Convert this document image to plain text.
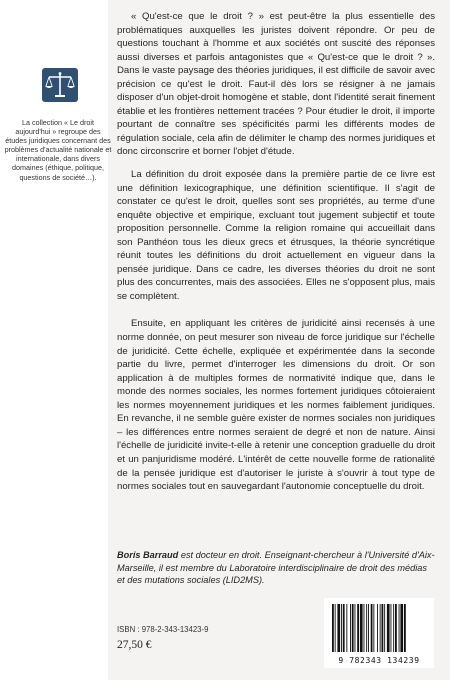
La collection « Le droit aujourd'hui » regroupe des études juridiques concernant des problèmes d'actualité nationale et internationale, dans divers domaines (éthique, politique, questions de société…).

« Qu'est-ce que le droit ? » est peut-être la plus essentielle des problématiques auxquelles les juristes doivent répondre. Or peu de questions touchant à l'homme et aux sociétés ont suscité des réponses aussi diverses et parfois antagonistes que « Qu'est-ce que le droit ? ». Dans le vaste paysage des théories juridiques, il est difficile de savoir avec précision ce qu'est le droit. Faut-il dès lors se résigner à ne jamais disposer d'un objet-droit homogène et stable, dont l'identité serait finement établie et les frontières nettement tracées ? Pour étudier le droit, il importe pourtant de connaître ses spécificités parmi les différents modes de régulation sociale, cela afin de délimiter le champ des normes juridiques et donc circonscrire et borner l'objet d'étude.

La définition du droit exposée dans la première partie de ce livre est une définition lexicographique, une définition scientifique. Il s'agit de constater ce qu'est le droit, quelles sont ses propriétés, au terme d'une enquête objective et empirique, excluant tout jugement subjectif et toute proposition personnelle. Comme la religion romaine qui accueillait dans son Panthéon tous les dieux grecs et étrusques, la théorie syncrétique réunit toutes les définitions du droit actuellement en vigueur dans la pensée juridique. Dans ce cadre, les diverses théories du droit ne sont plus des concurrentes, mais des associées. Elles ne s'opposent plus, mais se complètent.

Ensuite, en appliquant les critères de juridicité ainsi recensés à une norme donnée, on peut mesurer son niveau de force juridique sur l'échelle de juridicité. Cette échelle, expliquée et expérimentée dans la seconde partie du livre, permet d'interroger les dimensions du droit. Or son application à de multiples formes de normativité indique que, dans le monde des normes sociales, les normes fortement juridiques côtoieraient les normes moyennement juridiques et les normes faiblement juridiques. En revanche, il ne semble guère exister de normes sociales non juridiques – les différences entre normes seraient de degré et non de nature. Ainsi l'échelle de juridicité invite-t-elle à retenir une conception graduelle du droit et un panjuridisme modéré. L'intérêt de cette nouvelle forme de rationalité de la pensée juridique est d'autoriser le juriste à s'ouvrir à tout type de normes sociales tout en sauvegardant l'autonomie conceptuelle du droit.

Boris Barraud est docteur en droit. Enseignant-chercheur à l'Université d'Aix-Marseille, il est membre du Laboratoire interdisciplinaire de droit des médias et des mutations sociales (LID2MS).
ISBN : 978-2-343-13423-9
27,50 €
9 782343 134239
